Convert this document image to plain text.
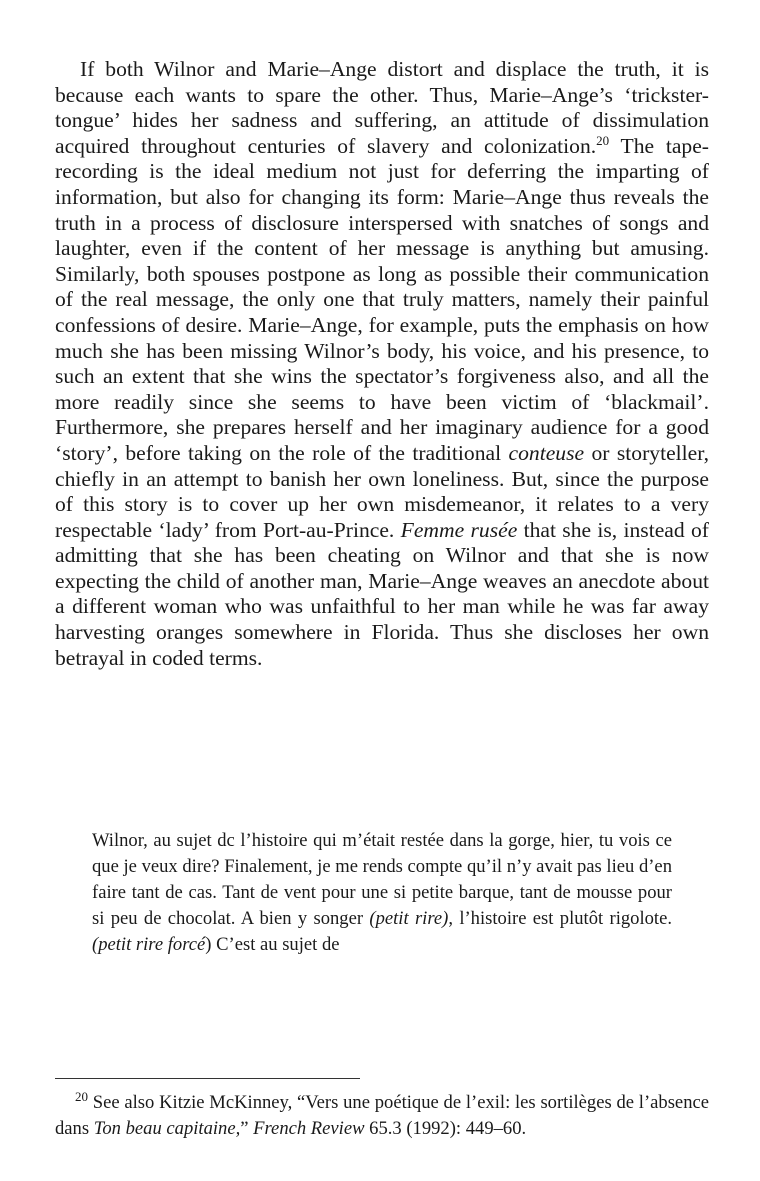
If both Wilnor and Marie–Ange distort and displace the truth, it is because each wants to spare the other. Thus, Marie–Ange’s ‘trickster-tongue’ hides her sadness and suffering, an attitude of dissimulation acquired throughout centuries of slavery and colonization.$^{20}$ The tape-recording is the ideal medium not just for deferring the imparting of information, but also for changing its form: Marie–Ange thus reveals the truth in a process of disclosure interspersed with snatches of songs and laughter, even if the content of her message is anything but amusing. Similarly, both spouses postpone as long as possible their communication of the real message, the only one that truly matters, namely their painful confessions of desire. Marie–Ange, for example, puts the emphasis on how much she has been missing Wilnor’s body, his voice, and his presence, to such an extent that she wins the spectator’s forgiveness also, and all the more readily since she seems to have been victim of ‘blackmail’. Furthermore, she prepares herself and her imaginary audience for a good ‘story’, before taking on the role of the traditional conteuse or storyteller, chiefly in an attempt to banish her own loneliness. But, since the purpose of this story is to cover up her own misdemeanor, it relates to a very respectable ‘lady’ from Port-au-Prince. Femme rusée that she is, instead of admitting that she has been cheating on Wilnor and that she is now expecting the child of another man, Marie–Ange weaves an anecdote about a different woman who was unfaithful to her man while he was far away harvesting oranges somewhere in Florida. Thus she discloses her own betrayal in coded terms.

Wilnor, au sujet dc l’histoire qui m’était restée dans la gorge, hier, tu vois ce que je veux dire? Finalement, je me rends compte qu’il n’y avait pas lieu d’en faire tant de cas. Tant de vent pour une si petite barque, tant de mousse pour si peu de chocolat. A bien y songer (petit rire), l’histoire est plutôt rigolote. (petit rire forcé) C’est au sujet de

$^{20}$ See also Kitzie McKinney, “Vers une poétique de l’exil: les sortilèges de l’absence dans Ton beau capitaine,” French Review 65.3 (1992): 449–60.
